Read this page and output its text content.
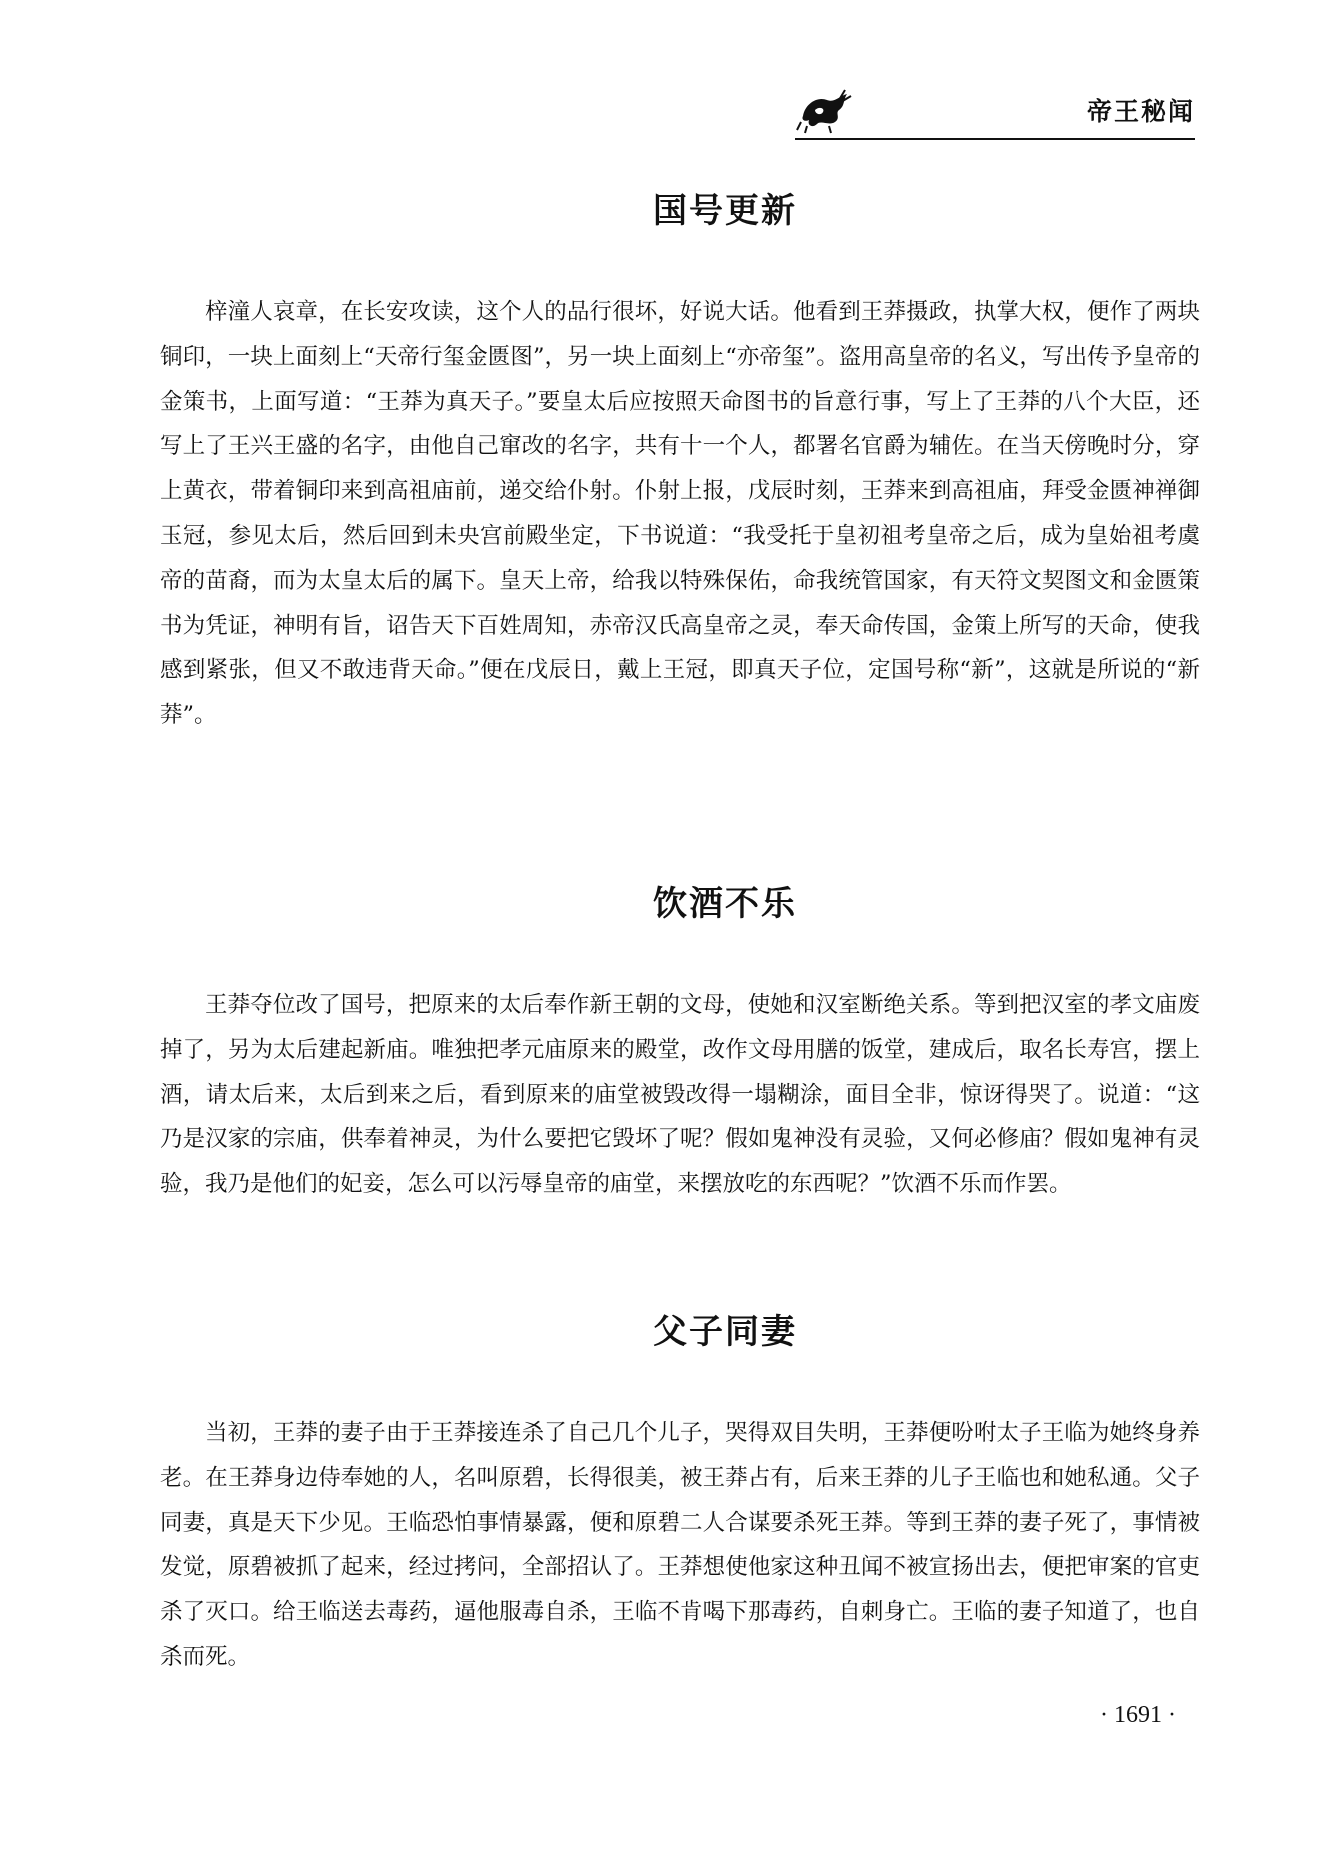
帝王秘闻
国号更新

梓潼人哀章，在长安攻读，这个人的品行很坏，好说大话。他看到王莽摄政，执掌大权，便作了两块铜印，一块上面刻上“天帝行玺金匮图”，另一块上面刻上“亦帝玺”。盗用高皇帝的名义，写出传予皇帝的金策书，上面写道：“王莽为真天子。”要皇太后应按照天命图书的旨意行事，写上了王莽的八个大臣，还写上了王兴王盛的名字，由他自己窜改的名字，共有十一个人，都署名官爵为辅佐。在当天傍晚时分，穿上黄衣，带着铜印来到高祖庙前，递交给仆射。仆射上报，戊辰时刻，王莽来到高祖庙，拜受金匮神禅御玉冠，参见太后，然后回到未央宫前殿坐定，下书说道：“我受托于皇初祖考皇帝之后，成为皇始祖考虞帝的苗裔，而为太皇太后的属下。皇天上帝，给我以特殊保佑，命我统管国家，有天符文契图文和金匮策书为凭证，神明有旨，诏告天下百姓周知，赤帝汉氏高皇帝之灵，奉天命传国，金策上所写的天命，使我感到紧张，但又不敢违背天命。”便在戊辰日，戴上王冠，即真天子位，定国号称“新”，这就是所说的“新莽”。

饮酒不乐

王莽夺位改了国号，把原来的太后奉作新王朝的文母，使她和汉室断绝关系。等到把汉室的孝文庙废掉了，另为太后建起新庙。唯独把孝元庙原来的殿堂，改作文母用膳的饭堂，建成后，取名长寿宫，摆上酒，请太后来，太后到来之后，看到原来的庙堂被毁改得一塌糊涂，面目全非，惊讶得哭了。说道：“这乃是汉家的宗庙，供奉着神灵，为什么要把它毁坏了呢？假如鬼神没有灵验，又何必修庙？假如鬼神有灵验，我乃是他们的妃妾，怎么可以污辱皇帝的庙堂，来摆放吃的东西呢？”饮酒不乐而作罢。

父子同妻

当初，王莽的妻子由于王莽接连杀了自己几个儿子，哭得双目失明，王莽便吩咐太子王临为她终身养老。在王莽身边侍奉她的人，名叫原碧，长得很美，被王莽占有，后来王莽的儿子王临也和她私通。父子同妻，真是天下少见。王临恐怕事情暴露，便和原碧二人合谋要杀死王莽。等到王莽的妻子死了，事情被发觉，原碧被抓了起来，经过拷问，全部招认了。王莽想使他家这种丑闻不被宣扬出去，便把审案的官吏杀了灭口。给王临送去毒药，逼他服毒自杀，王临不肯喝下那毒药，自刺身亡。王临的妻子知道了，也自杀而死。

· 1691 ·
